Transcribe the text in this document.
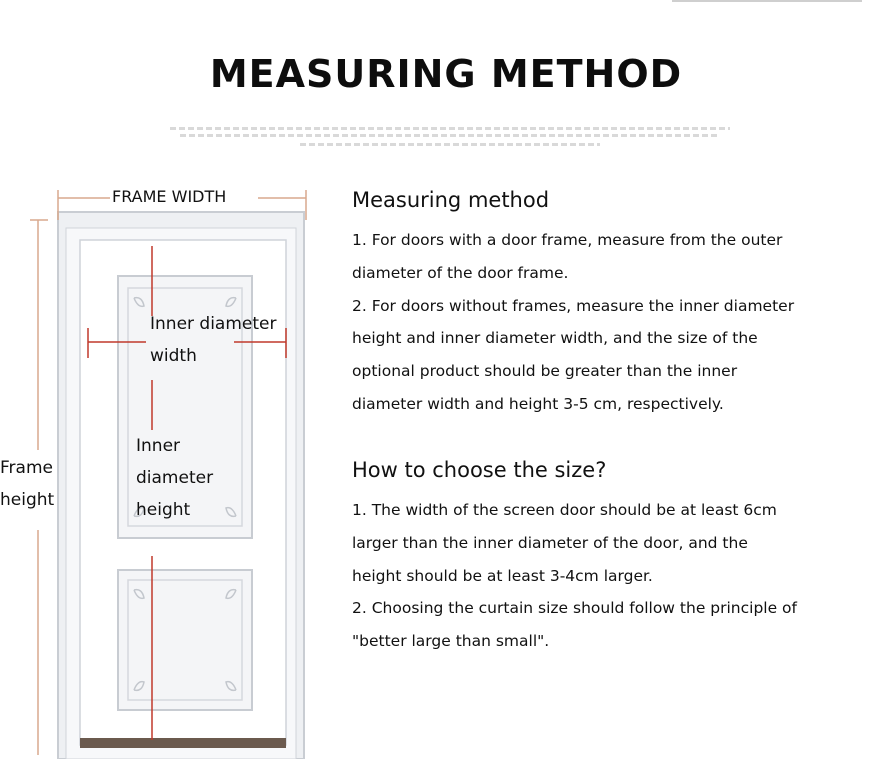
MEASURING METHOD
FRAME WIDTH
Inner diameter
width
Inner
diameter
height
Frame
height
Measuring method
1. For doors with a door frame, measure from the outer
diameter of the door frame.
2. For doors without frames, measure the inner diameter
height and inner diameter width, and the size of the
optional product should be greater than the inner
diameter width and height 3-5 cm, respectively.
How to choose the size?
1. The width of the screen door should be at least 6cm
larger than the inner diameter of the door, and the
height should be at least 3-4cm larger.
2. Choosing the curtain size should follow the principle of
"better large than small".
